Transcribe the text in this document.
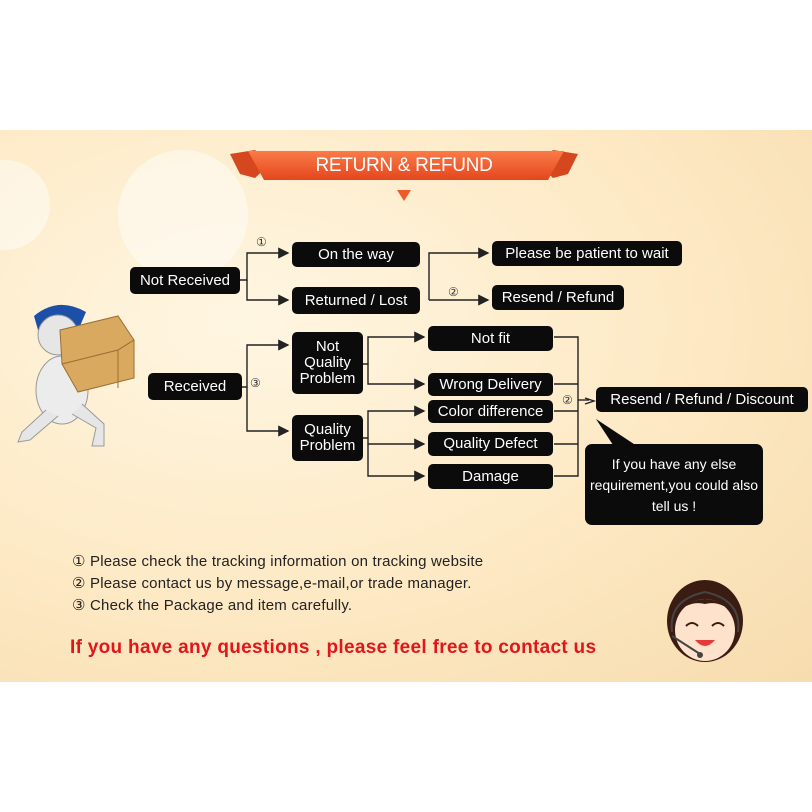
RETURN & REFUND
①
②
③
②
Not Received
On the way
Returned / Lost
Please be patient to wait
Resend / Refund
Received
Not Quality Problem
Quality Problem
Not fit
Wrong Delivery
Color difference
Quality Defect
Damage
Resend / Refund / Discount
If you have any else requirement,you could also tell us !
① Please check the tracking information on tracking website
② Please contact us by message,e-mail,or trade manager.
③ Check the Package and item carefully.
If you have any questions , please feel free to contact us
